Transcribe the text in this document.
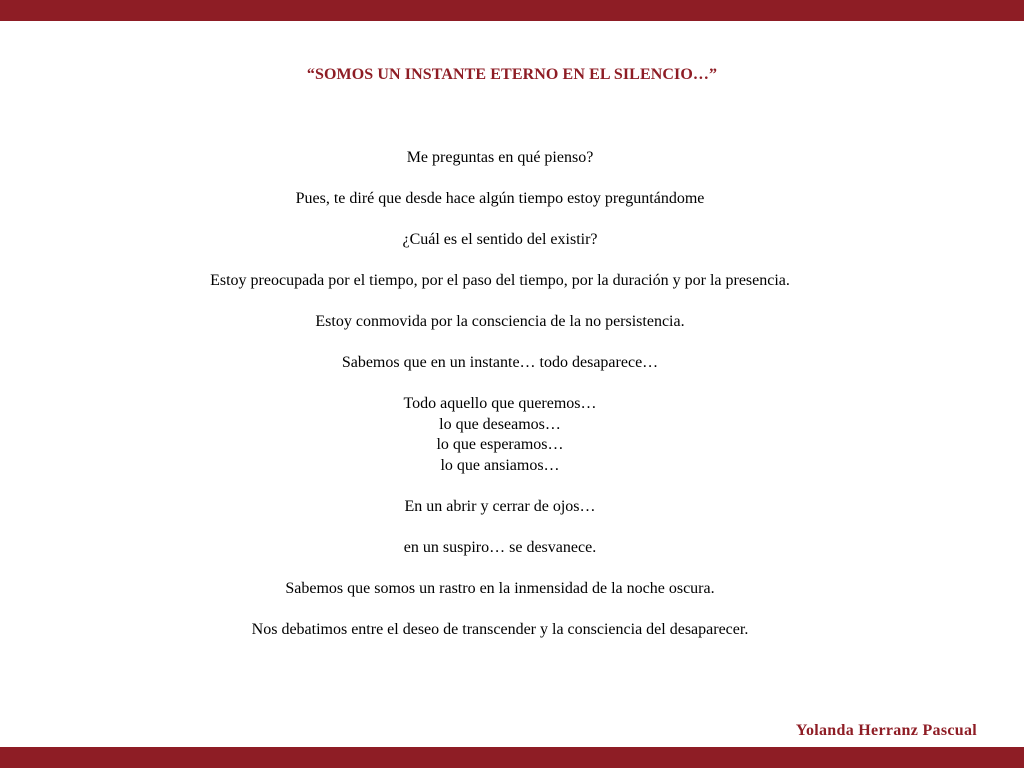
“SOMOS UN INSTANTE ETERNO EN EL SILENCIO…”
Me preguntas en qué pienso?
Pues, te diré que desde hace algún tiempo estoy preguntándome
¿Cuál es el sentido del existir?
Estoy preocupada por el tiempo, por el paso del tiempo, por la duración y por la presencia.
Estoy conmovida por la consciencia de la no persistencia.
Sabemos que en un instante… todo desaparece…
Todo aquello que queremos…
lo que deseamos…
lo que esperamos…
lo que ansiamos…
En un abrir y cerrar de ojos…
en un suspiro… se desvanece.
Sabemos que somos un rastro en la inmensidad de la noche oscura.
Nos debatimos entre el deseo de transcender y la consciencia del desaparecer.
Yolanda Herranz Pascual
